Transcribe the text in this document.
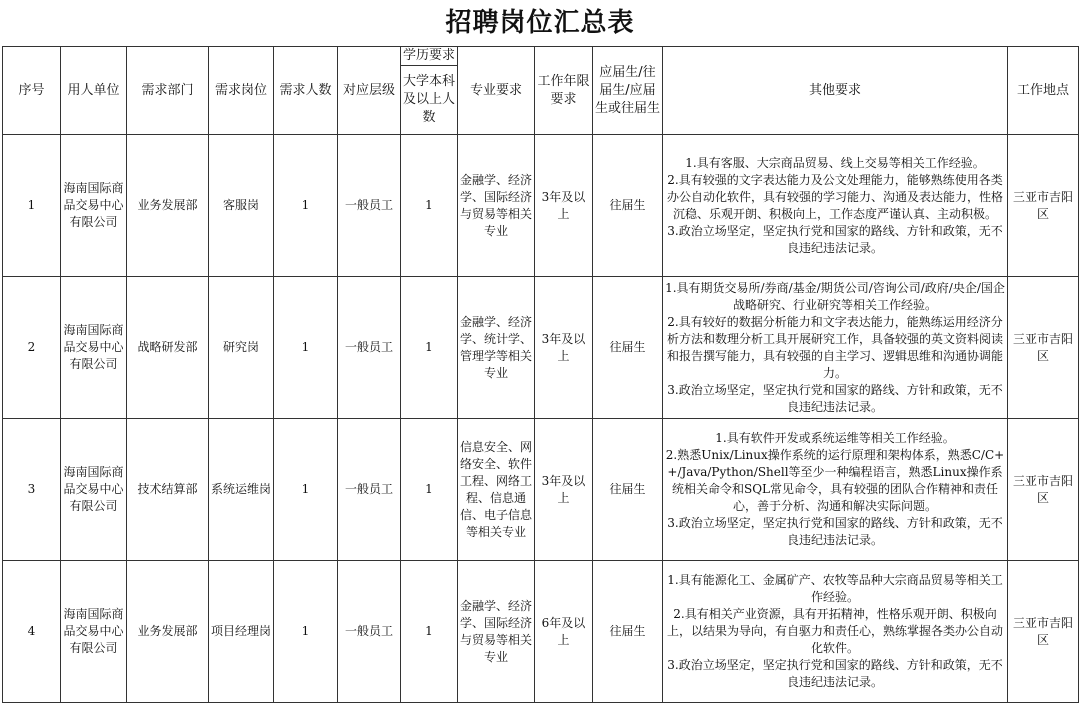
招聘岗位汇总表
序号	用人单位	需求部门	需求岗位	需求人数	对应层级	学历要求	专业要求	工作年限要求	应届生/往届生/应届生或往届生	其他要求	工作地点
						大学本科及以上人数					
1	海南国际商品交易中心有限公司	业务发展部	客服岗	1	一般员工	1	金融学、经济学、国际经济与贸易等相关专业	3年及以上	往届生	1.具有客服、大宗商品贸易、线上交易等相关工作经验。
2.具有较强的文字表达能力及公文处理能力，能够熟练使用各类办公自动化软件，具有较强的学习能力、沟通及表达能力，性格沉稳、乐观开朗、积极向上，工作态度严谨认真、主动积极。
3.政治立场坚定，坚定执行党和国家的路线、方针和政策，无不良违纪违法记录。	三亚市吉阳区
2	海南国际商品交易中心有限公司	战略研发部	研究岗	1	一般员工	1	金融学、经济学、统计学、管理学等相关专业	3年及以上	往届生	1.具有期货交易所/券商/基金/期货公司/咨询公司/政府/央企/国企战略研究、行业研究等相关工作经验。
2.具有较好的数据分析能力和文字表达能力，能熟练运用经济分析方法和数理分析工具开展研究工作，具备较强的英文资料阅读和报告撰写能力，具有较强的自主学习、逻辑思维和沟通协调能力。
3.政治立场坚定，坚定执行党和国家的路线、方针和政策，无不良违纪违法记录。	三亚市吉阳区
3	海南国际商品交易中心有限公司	技术结算部	系统运维岗	1	一般员工	1	信息安全、网络安全、软件工程、网络工程、信息通信、电子信息等相关专业	3年及以上	往届生	1.具有软件开发或系统运维等相关工作经验。
2.熟悉Unix/Linux操作系统的运行原理和架构体系，熟悉C/C++/Java/Python/Shell等至少一种编程语言，熟悉Linux操作系统相关命令和SQL常见命令，具有较强的团队合作精神和责任心，善于分析、沟通和解决实际问题。
3.政治立场坚定，坚定执行党和国家的路线、方针和政策，无不良违纪违法记录。	三亚市吉阳区
4	海南国际商品交易中心有限公司	业务发展部	项目经理岗	1	一般员工	1	金融学、经济学、国际经济与贸易等相关专业	6年及以上	往届生	1.具有能源化工、金属矿产、农牧等品种大宗商品贸易等相关工作经验。
2.具有相关产业资源，具有开拓精神，性格乐观开朗、积极向上，以结果为导向，有自驱力和责任心，熟练掌握各类办公自动化软件。
3.政治立场坚定，坚定执行党和国家的路线、方针和政策，无不良违纪违法记录。	三亚市吉阳区
